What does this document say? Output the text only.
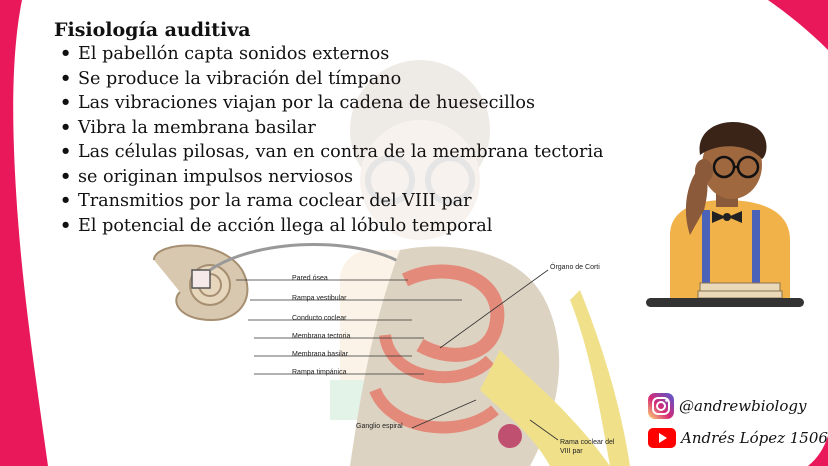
Fisiología auditiva
• El pabellón capta sonidos externos
• Se produce la vibración del tímpano
• Las vibraciones viajan por la cadena de huesecillos
• Vibra la membrana basilar
• Las células pilosas, van en contra de la membrana tectoria
• se originan impulsos nerviosos
• Transmitios por la rama coclear del VIII par
• El potencial de acción llega al lóbulo temporal
Pared ósea
Rampa vestibular
Conducto coclear
Membrana tectoria
Membrana basilar
Rampa timpánica
Ganglio espiral
Órgano de Corti
Rama coclear del
VIII par
@andrewbiology
Andrés López 1506
